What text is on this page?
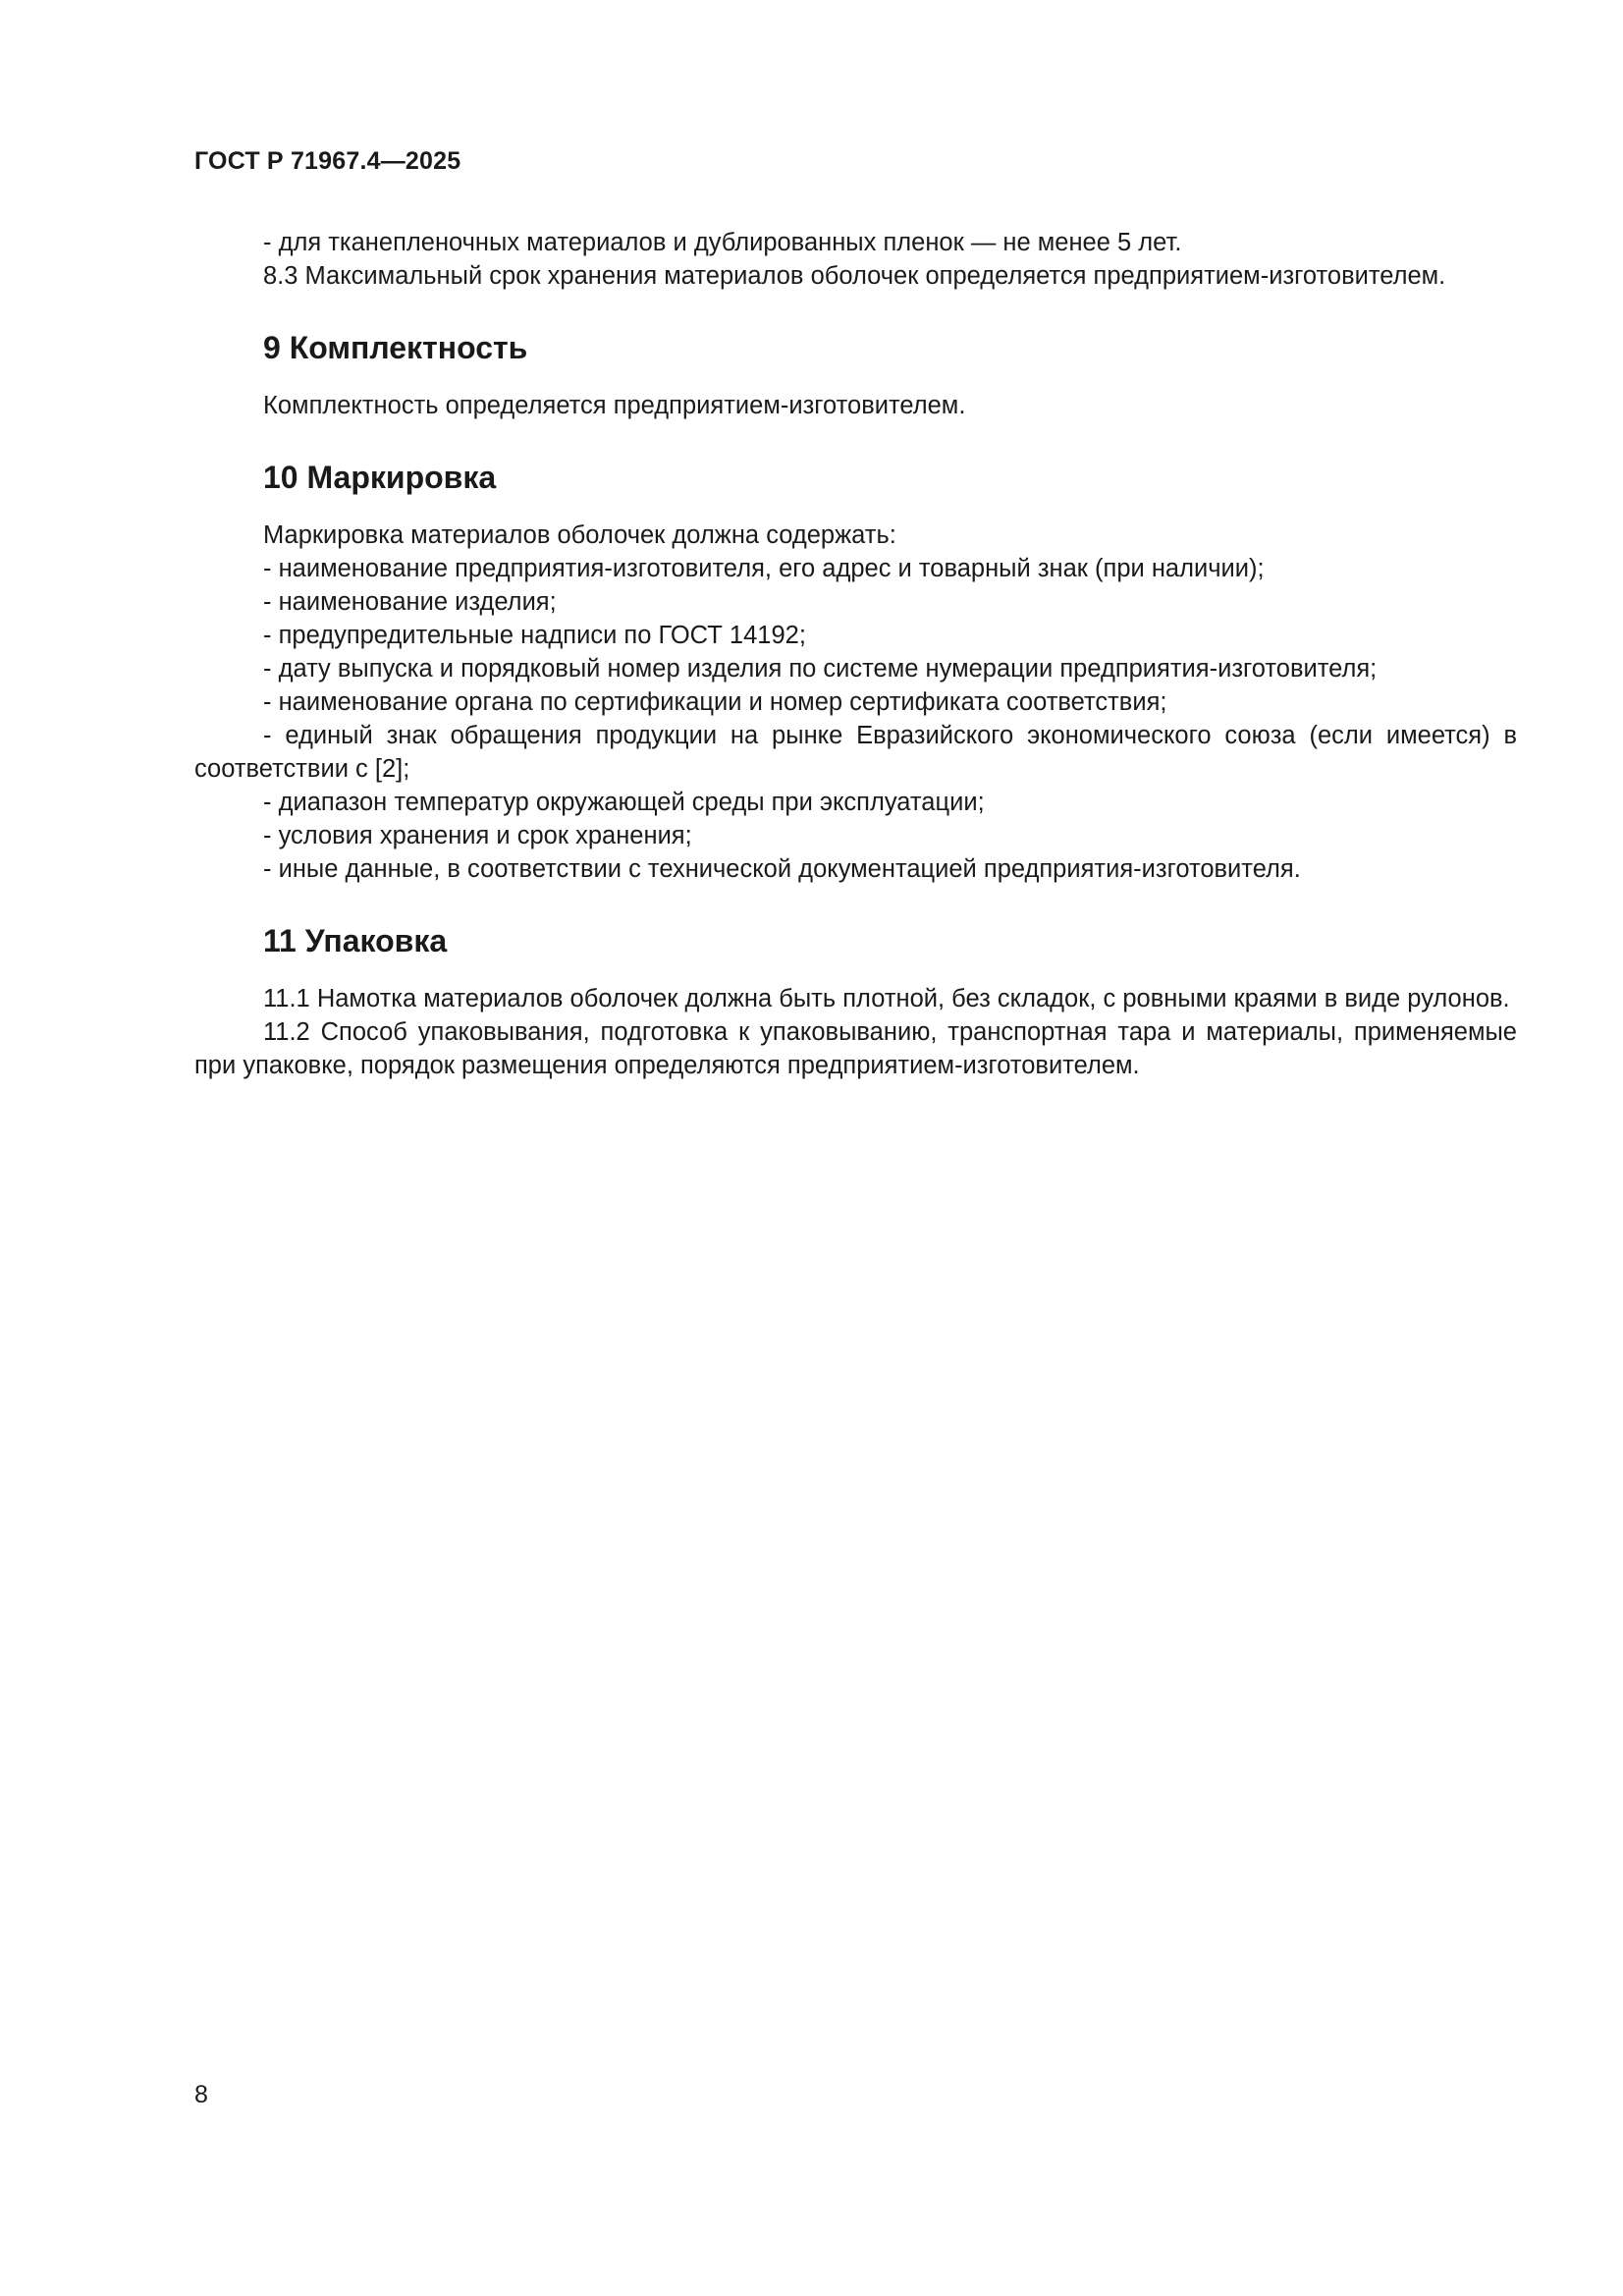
ГОСТ Р 71967.4—2025

- для тканепленочных материалов и дублированных пленок — не менее 5 лет.

8.3 Максимальный срок хранения материалов оболочек определяется предприятием-изготовителем.

9 Комплектность

Комплектность определяется предприятием-изготовителем.

10 Маркировка

Маркировка материалов оболочек должна содержать:

- наименование предприятия-изготовителя, его адрес и товарный знак (при наличии);

- наименование изделия;

- предупредительные надписи по ГОСТ 14192;

- дату выпуска и порядковый номер изделия по системе нумерации предприятия-изготовителя;

- наименование органа по сертификации и номер сертификата соответствия;

- единый знак обращения продукции на рынке Евразийского экономического союза (если имеется) в соответствии с [2];

- диапазон температур окружающей среды при эксплуатации;

- условия хранения и срок хранения;

- иные данные, в соответствии с технической документацией предприятия-изготовителя.

11 Упаковка

11.1 Намотка материалов оболочек должна быть плотной, без складок, с ровными краями в виде рулонов.

11.2 Способ упаковывания, подготовка к упаковыванию, транспортная тара и материалы, применяемые при упаковке, порядок размещения определяются предприятием-изготовителем.

8
